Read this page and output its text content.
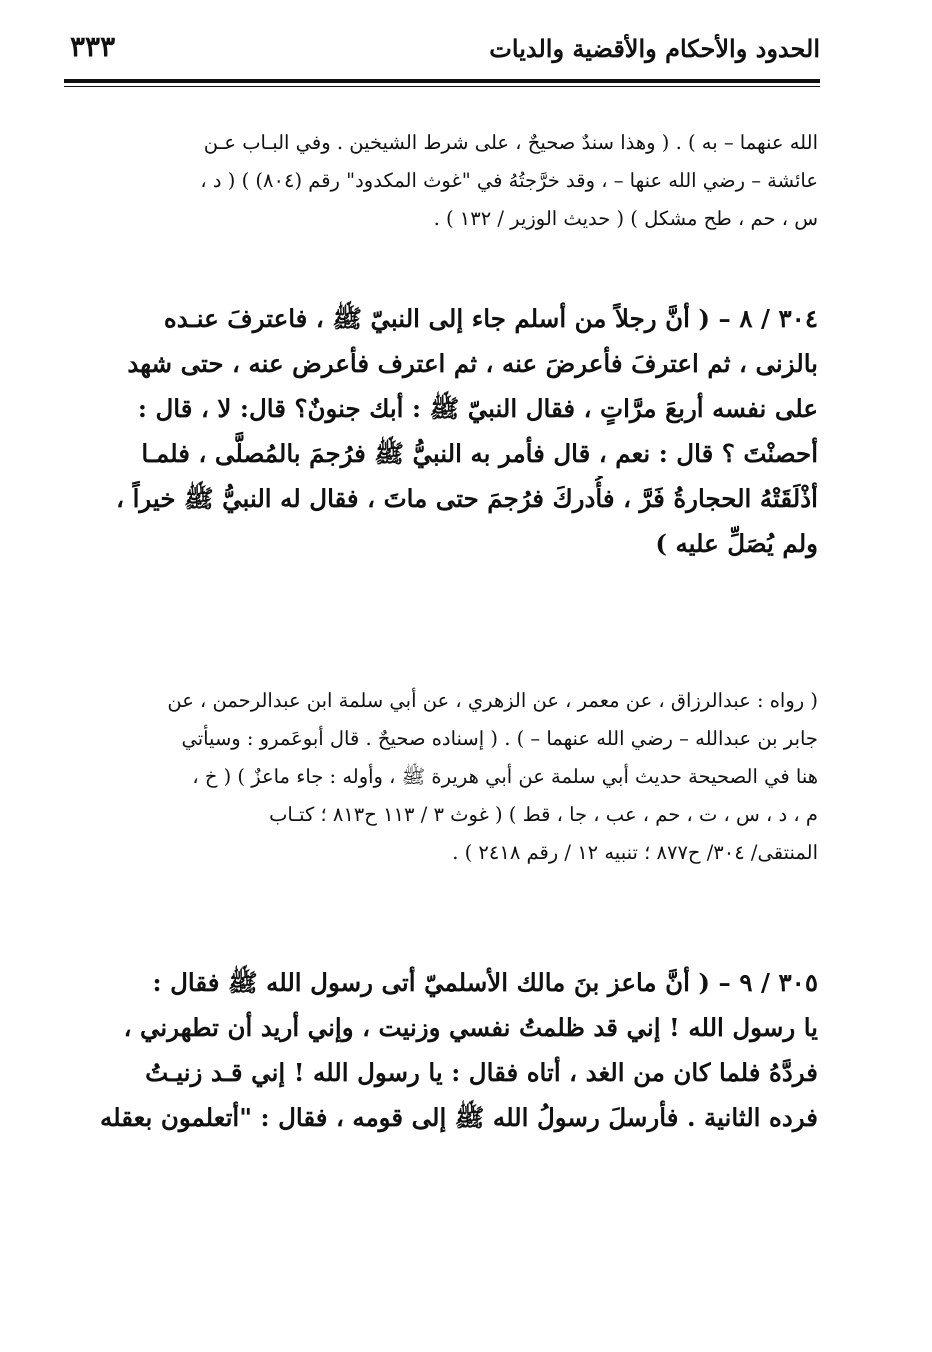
الحدود والأحكام والأقضية والديات
٣٣٣
الله عنهما – به ) . ( وهذا سندٌ صحيحٌ ، على شرط الشيخين . وفي البـاب عـن
عائشة – رضي الله عنها – ، وقد خرَّجتُهُ في "غوث المكدود" رقم (٨٠٤) ) ( د ،
س ، حم ، طح مشكل ) ( حديث الوزير / ١٣٢ ) .
٣٠٤ / ٨ – ( أنَّ رجلاً من أسلم جاء إلى النبيّ ﷺ ، فاعترفَ عنـده
بالزنى ، ثم اعترفَ فأعرضَ عنه ، ثم اعترف فأعرض عنه ، حتى شهد
على نفسه أربعَ مرَّاتٍ ، فقال النبيّ ﷺ : أبك جنونٌ؟ قال: لا ، قال :
أحصنْتَ ؟ قال : نعم ، قال فأمر به النبيُّ ﷺ فرُجمَ بالمُصلَّى ، فلمـا
أذْلَقَتْهُ الحجارةُ فَرَّ ، فأُدركَ فرُجمَ حتى ماتَ ، فقال له النبيُّ ﷺ خيراً ،
ولم يُصَلِّ عليه )
( رواه : عبدالرزاق ، عن معمر ، عن الزهري ، عن أبي سلمة ابن عبدالرحمن ، عن
جابر بن عبدالله – رضي الله عنهما – ) . ( إسناده صحيحٌ . قال أبوعَمرو : وسيأتي
هنا في الصحيحة حديث أبي سلمة عن أبي هريرة ﷺ ، وأوله : جاء ماعزٌ ) ( خ ،
م ، د ، س ، ت ، حم ، عب ، جا ، قط ) ( غوث ٣ / ١١٣ ح٨١٣ ؛ كتـاب
المنتقى/ ٣٠٤/ ح٨٧٧ ؛ تنبيه ١٢ / رقم ٢٤١٨ ) .
٣٠٥ / ٩ – ( أنَّ ماعز بنَ مالك الأسلميّ أتى رسول الله ﷺ فقال :
يا رسول الله ! إني قد ظلمتُ نفسي وزنيت ، وإني أريد أن تطهرني ،
فردَّهُ فلما كان من الغد ، أتاه فقال : يا رسول الله ! إني قـد زنيـتُ
فرده الثانية . فأرسلَ رسولُ الله ﷺ إلى قومه ، فقال : "أتعلمون بعقله
